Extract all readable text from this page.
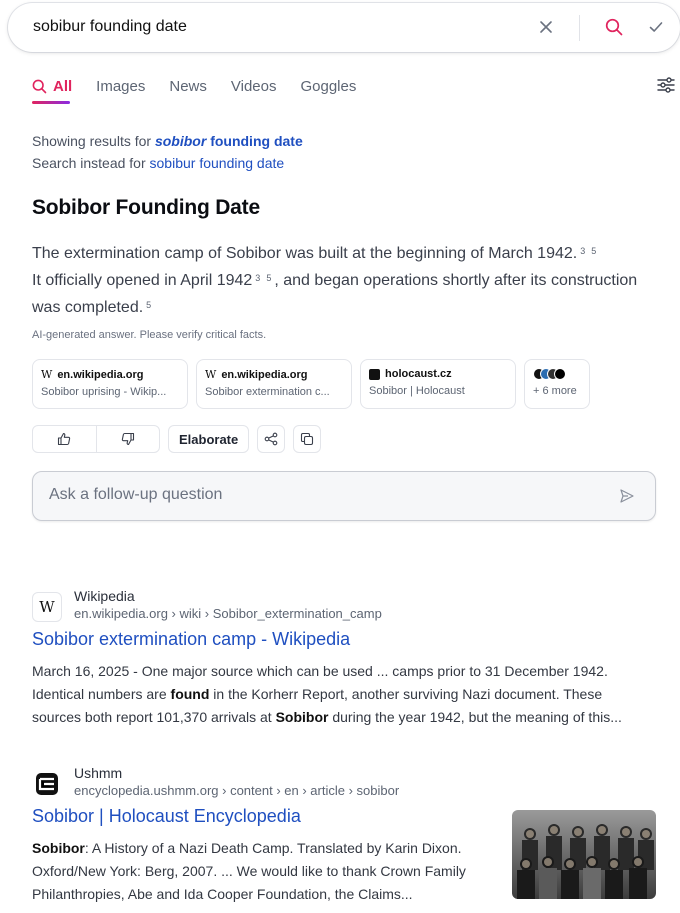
sobibur founding date
All Images News Videos Goggles
Showing results for sobibor founding date
Search instead for sobibur founding date
Sobibor Founding Date
The extermination camp of Sobibor was built at the beginning of March 1942. $^3$ $^5$
It officially opened in April 1942 $^3$ $^5$ , and began operations shortly after its construction was completed. $^5$
AI-generated answer. Please verify critical facts.
W en.wikipedia.org
Sobibor uprising - Wikip...
W en.wikipedia.org
Sobibor extermination c...
holocaust.cz
Sobibor | Holocaust	+ 6 more
Elaborate
Ask a follow-up question
W
Wikipedia
en.wikipedia.org › wiki › Sobibor_extermination_camp
Sobibor extermination camp - Wikipedia
March 16, 2025 - One major source which can be used ... camps prior to 31 December 1942.
Identical numbers are found in the Korherr Report, another surviving Nazi document. These
sources both report 101,370 arrivals at Sobibor during the year 1942, but the meaning of this...
Ushmm
encyclopedia.ushmm.org › content › en › article › sobibor
Sobibor | Holocaust Encyclopedia
Sobibor: A History of a Nazi Death Camp. Translated by Karin Dixon.
Oxford/New York: Berg, 2007. ... We would like to thank Crown Family
Philanthropies, Abe and Ida Cooper Foundation, the Claims...
